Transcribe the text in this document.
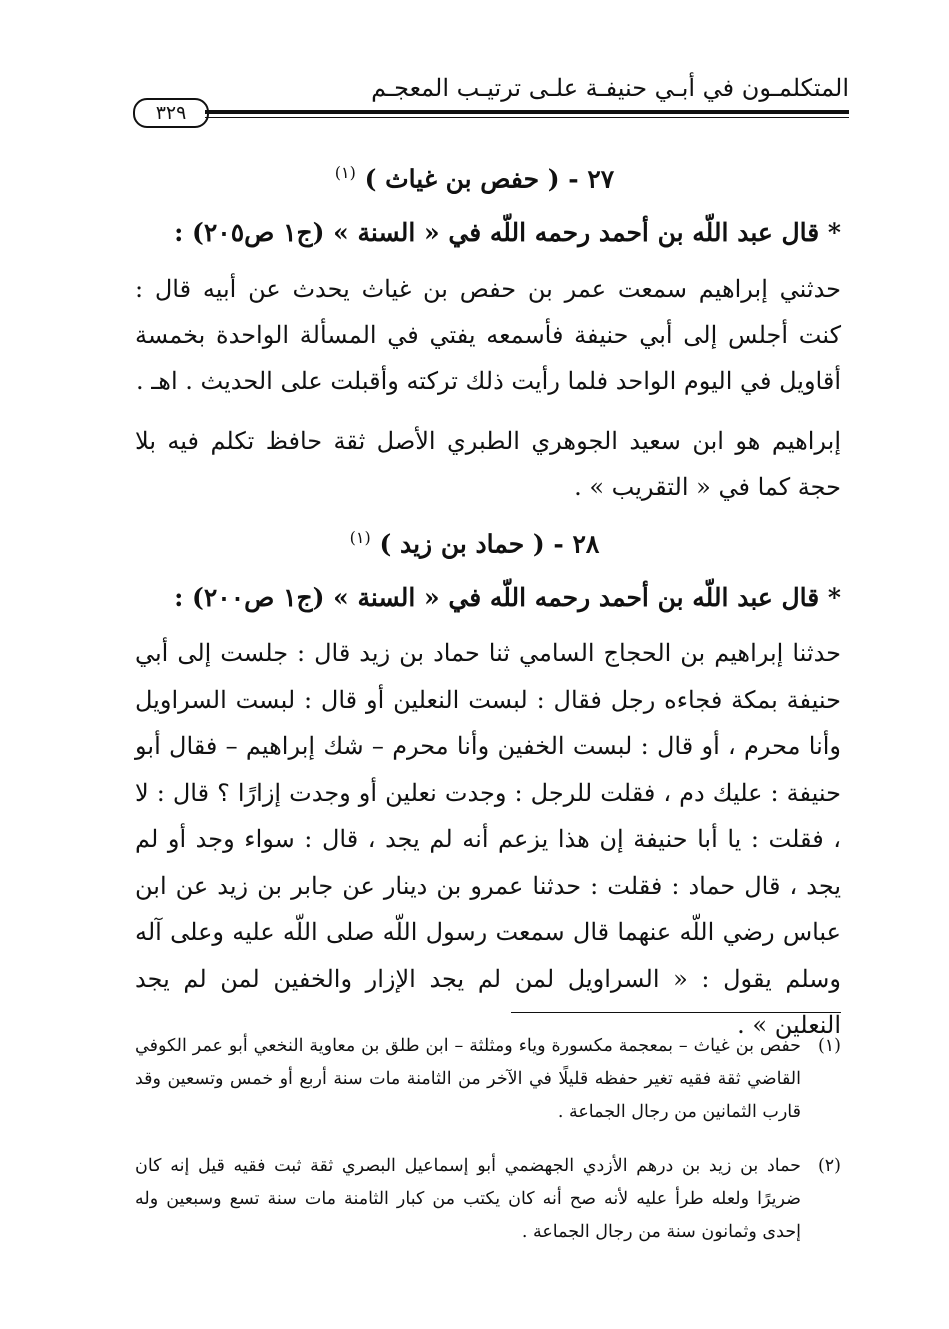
المتكلمـون في أبـي حنيفـة علـى ترتيـب المعجـم
٣٢٩
٢٧ - ( حفص بن غياث ) $^{(١)}$
* قال عبد اللّه بن أحمد رحمه اللّه في « السنة » (ج١ ص٢٠٥) :
حدثني إبراهيم سمعت عمر بن حفص بن غياث يحدث عن أبيه قال : كنت أجلس إلى أبي حنيفة فأسمعه يفتي في المسألة الواحدة بخمسة أقاويل في اليوم الواحد فلما رأيت ذلك تركته وأقبلت على الحديث . اهـ .
إبراهيم هو ابن سعيد الجوهري الطبري الأصل ثقة حافظ تكلم فيه بلا حجة كما في « التقريب » .
٢٨ - ( حماد بن زيد ) $^{(١)}$
* قال عبد اللّه بن أحمد رحمه اللّه في « السنة » (ج١ ص٢٠٠) :
حدثنا إبراهيم بن الحجاج السامي ثنا حماد بن زيد قال : جلست إلى أبي حنيفة بمكة فجاءه رجل فقال : لبست النعلين أو قال : لبست السراويل وأنا محرم ، أو قال : لبست الخفين وأنا محرم – شك إبراهيم – فقال أبو حنيفة : عليك دم ، فقلت للرجل : وجدت نعلين أو وجدت إزارًا ؟ قال : لا ، فقلت : يا أبا حنيفة إن هذا يزعم أنه لم يجد ، قال : سواء وجد أو لم يجد ، قال حماد : فقلت : حدثنا عمرو بن دينار عن جابر بن زيد عن ابن عباس رضي اللّه عنهما قال سمعت رسول اللّه صلى اللّه عليه وعلى آله وسلم يقول : « السراويل لمن لم يجد الإزار والخفين لمن لم يجد النعلين » .
(١)
حفص بن غياث – بمعجمة مكسورة وياء ومثلثة – ابن طلق بن معاوية النخعي أبو عمر الكوفي القاضي ثقة فقيه تغير حفظه قليلًا في الآخر من الثامنة مات سنة أربع أو خمس وتسعين وقد قارب الثمانين من رجال الجماعة .
(٢)
حماد بن زيد بن درهم الأزدي الجهضمي أبو إسماعيل البصري ثقة ثبت فقيه قيل إنه كان ضريرًا ولعله طرأ عليه لأنه صح أنه كان يكتب من كبار الثامنة مات سنة تسع وسبعين وله إحدى وثمانون سنة من رجال الجماعة .
